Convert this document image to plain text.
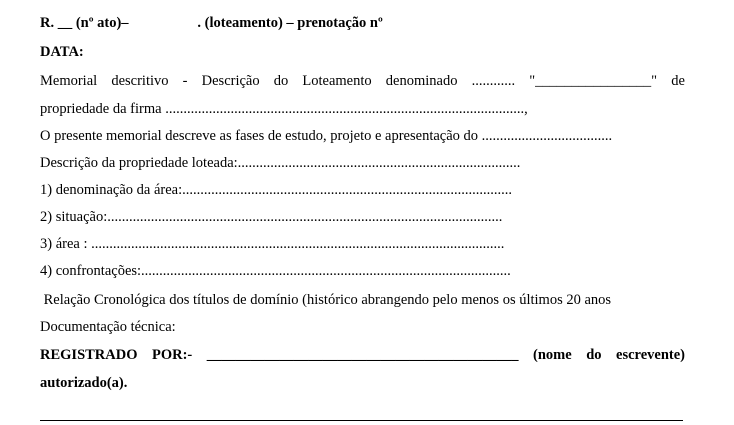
R. __ (nº ato)–                   . (loteamento) – prenotação nº
DATA:
Memorial descritivo - Descrição do Loteamento denominado ............ "________________" de
propriedade da firma ...................................................................................................,
O presente memorial descreve as fases de estudo, projeto e apresentação do ....................................
Descrição da propriedade loteada:..............................................................................
1) denominação da área:...........................................................................................
2) situação:.............................................................................................................
3) área : ..................................................................................................................
4) confrontações:......................................................................................................
Relação Cronológica dos títulos de domínio (histórico abrangendo pelo menos os últimos 20 anos
Documentação técnica:
REGISTRADO POR:- ___________________________________________ (nome do escrevente)
autorizado(a).
